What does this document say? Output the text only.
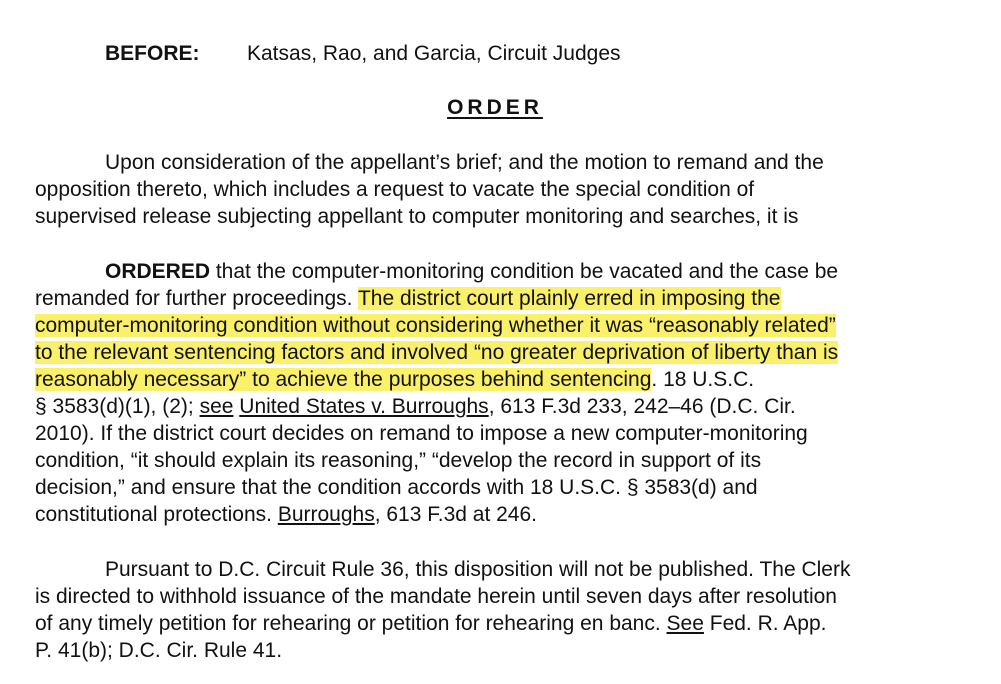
BEFORE: Katsas, Rao, and Garcia, Circuit Judges
ORDER
Upon consideration of the appellant’s brief; and the motion to remand and the
opposition thereto, which includes a request to vacate the special condition of
supervised release subjecting appellant to computer monitoring and searches, it is
ORDERED that the computer-monitoring condition be vacated and the case be
remanded for further proceedings. The district court plainly erred in imposing the
computer-monitoring condition without considering whether it was “reasonably related”
to the relevant sentencing factors and involved “no greater deprivation of liberty than is
reasonably necessary” to achieve the purposes behind sentencing. 18 U.S.C.
§ 3583(d)(1), (2); see United States v. Burroughs, 613 F.3d 233, 242–46 (D.C. Cir.
2010). If the district court decides on remand to impose a new computer-monitoring
condition, “it should explain its reasoning,” “develop the record in support of its
decision,” and ensure that the condition accords with 18 U.S.C. § 3583(d) and
constitutional protections. Burroughs, 613 F.3d at 246.
Pursuant to D.C. Circuit Rule 36, this disposition will not be published. The Clerk
is directed to withhold issuance of the mandate herein until seven days after resolution
of any timely petition for rehearing or petition for rehearing en banc. See Fed. R. App.
P. 41(b); D.C. Cir. Rule 41.
